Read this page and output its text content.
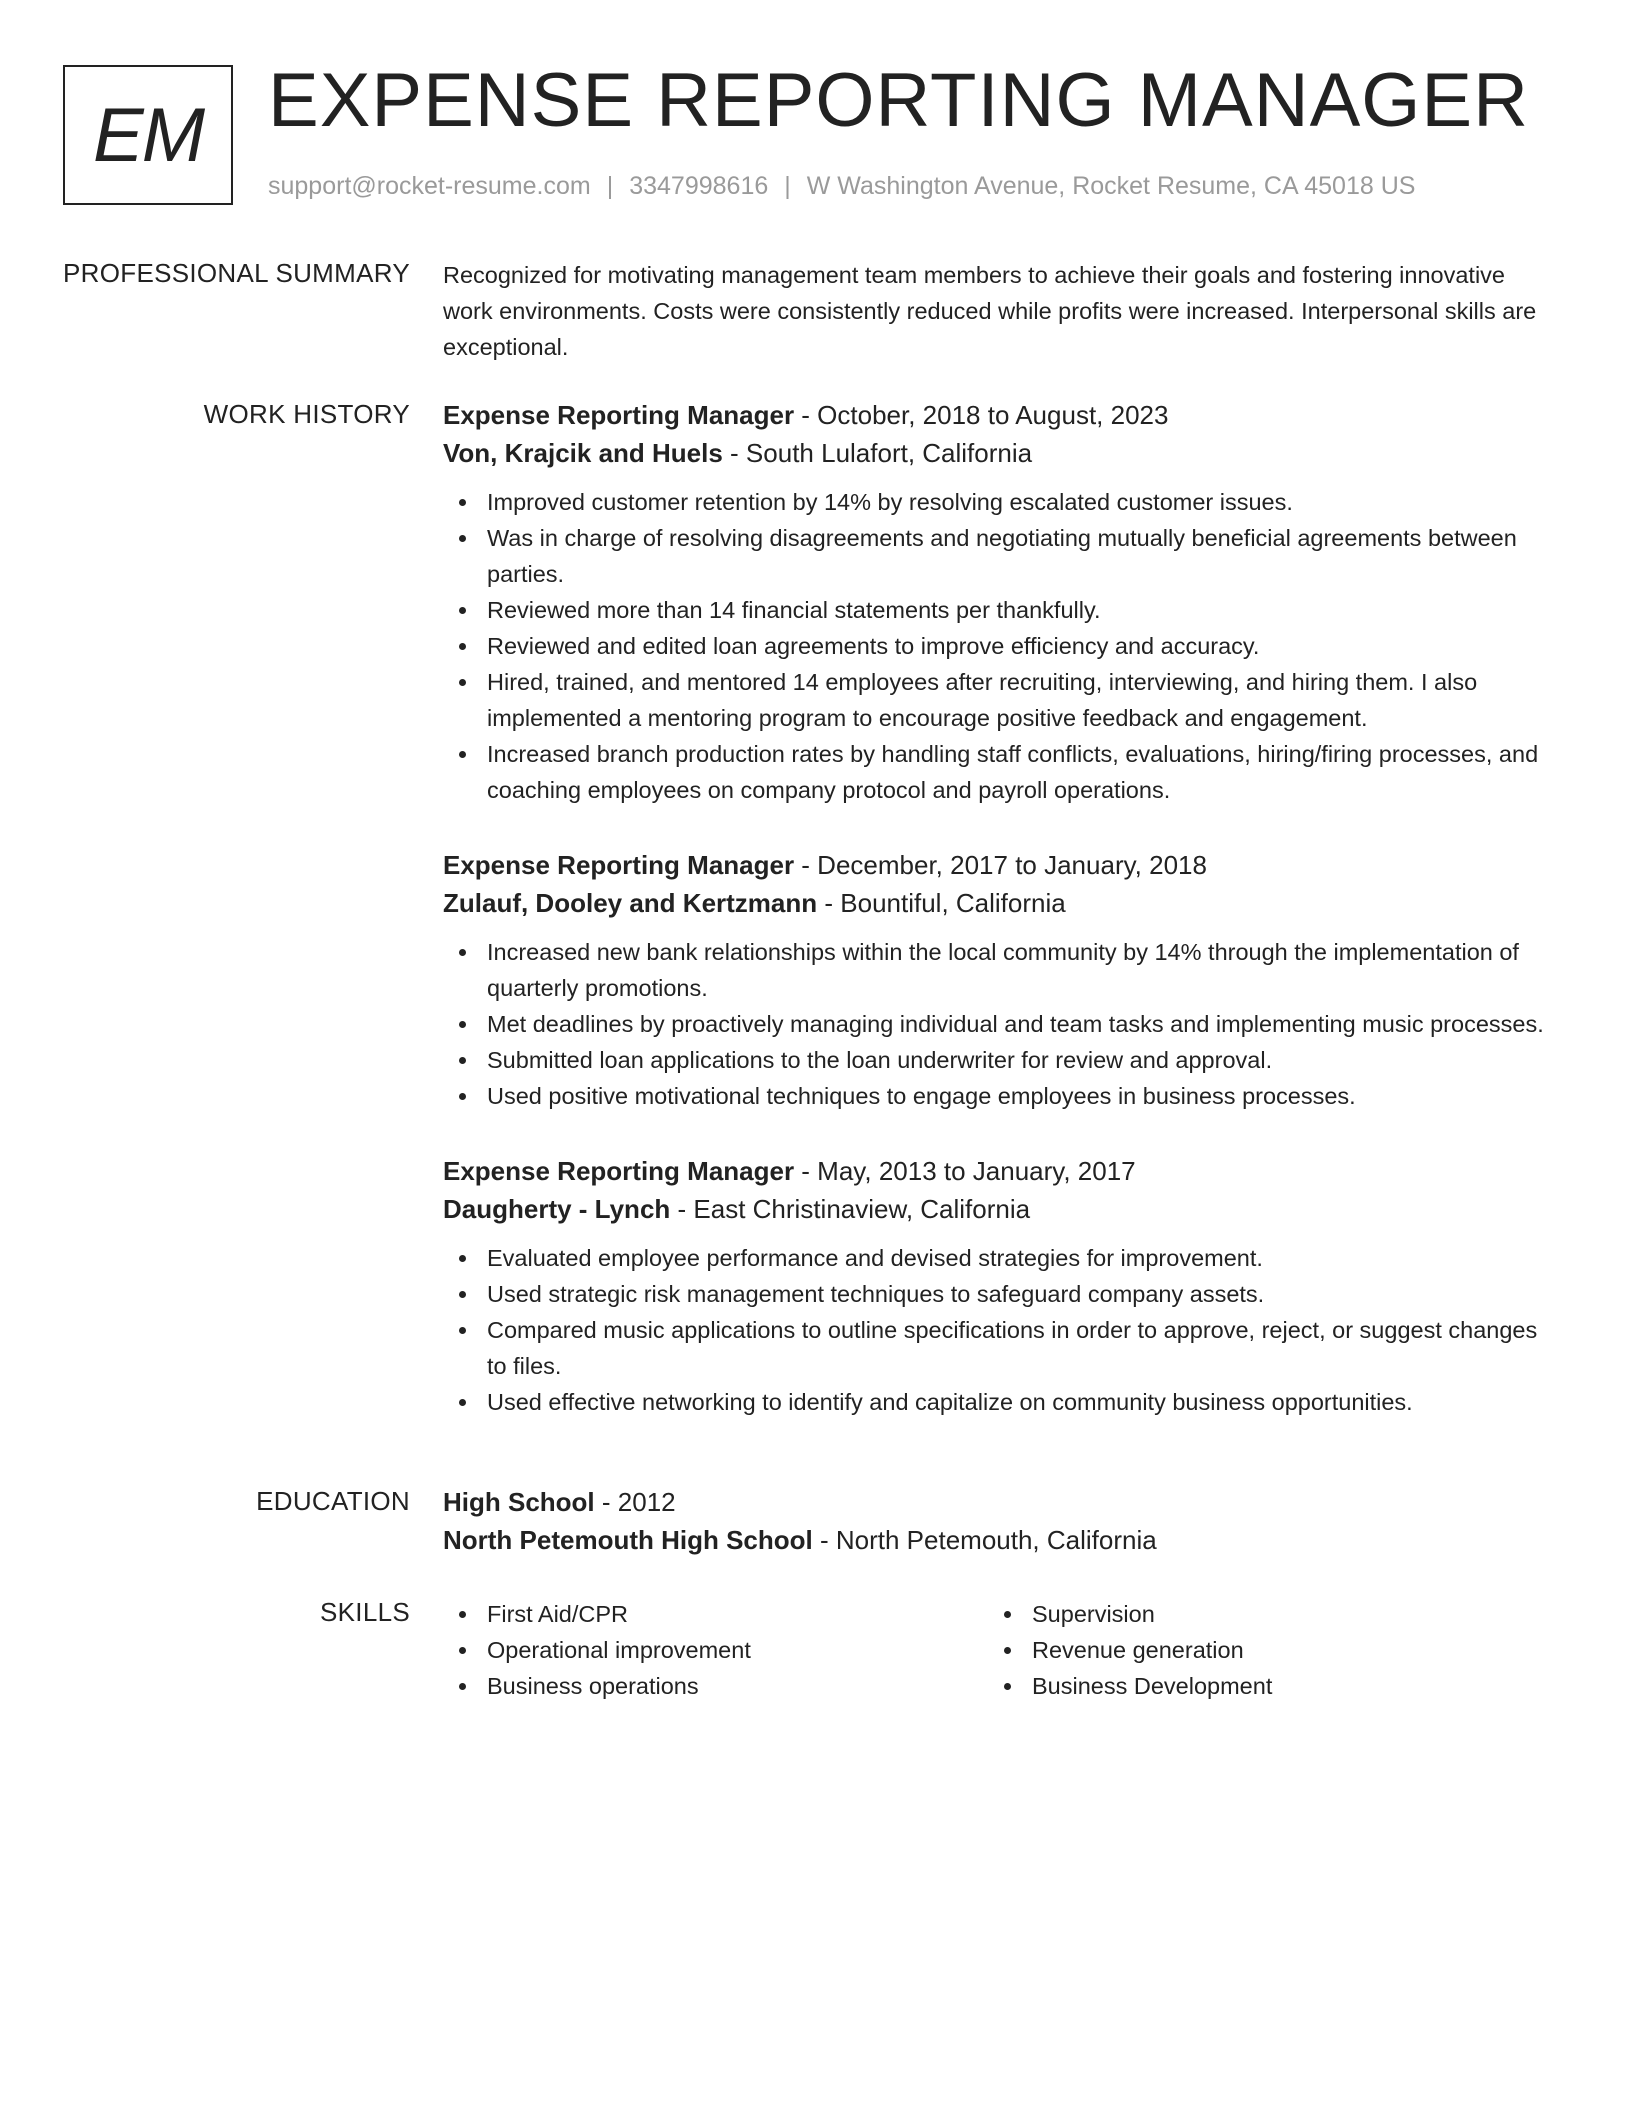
EM EXPENSE REPORTING MANAGER
support@rocket-resume.com | 3347998616 | W Washington Avenue, Rocket Resume, CA 45018 US
PROFESSIONAL SUMMARY Recognized for motivating management team members to achieve their goals and fostering innovative work environments. Costs were consistently reduced while profits were increased. Interpersonal skills are exceptional.

WORK HISTORY Expense Reporting Manager - October, 2018 to August, 2023
Von, Krajcik and Huels - South Lulafort, California
Improved customer retention by 14% by resolving escalated customer issues.
Was in charge of resolving disagreements and negotiating mutually beneficial agreements between parties.
Reviewed more than 14 financial statements per thankfully.
Reviewed and edited loan agreements to improve efficiency and accuracy.
Hired, trained, and mentored 14 employees after recruiting, interviewing, and hiring them. I also implemented a mentoring program to encourage positive feedback and engagement.
Increased branch production rates by handling staff conflicts, evaluations, hiring/firing processes, and coaching employees on company protocol and payroll operations.
Expense Reporting Manager - December, 2017 to January, 2018
Zulauf, Dooley and Kertzmann - Bountiful, California
Increased new bank relationships within the local community by 14% through the implementation of quarterly promotions.
Met deadlines by proactively managing individual and team tasks and implementing music processes.
Submitted loan applications to the loan underwriter for review and approval.
Used positive motivational techniques to engage employees in business processes.
Expense Reporting Manager - May, 2013 to January, 2017
Daugherty - Lynch - East Christinaview, California
Evaluated employee performance and devised strategies for improvement.
Used strategic risk management techniques to safeguard company assets.
Compared music applications to outline specifications in order to approve, reject, or suggest changes to files.
Used effective networking to identify and capitalize on community business opportunities.
EDUCATION High School - 2012
North Petemouth High School - North Petemouth, California
SKILLS	First Aid/CPR
Operational improvement
Business operations
Supervision
Revenue generation
Business Development
